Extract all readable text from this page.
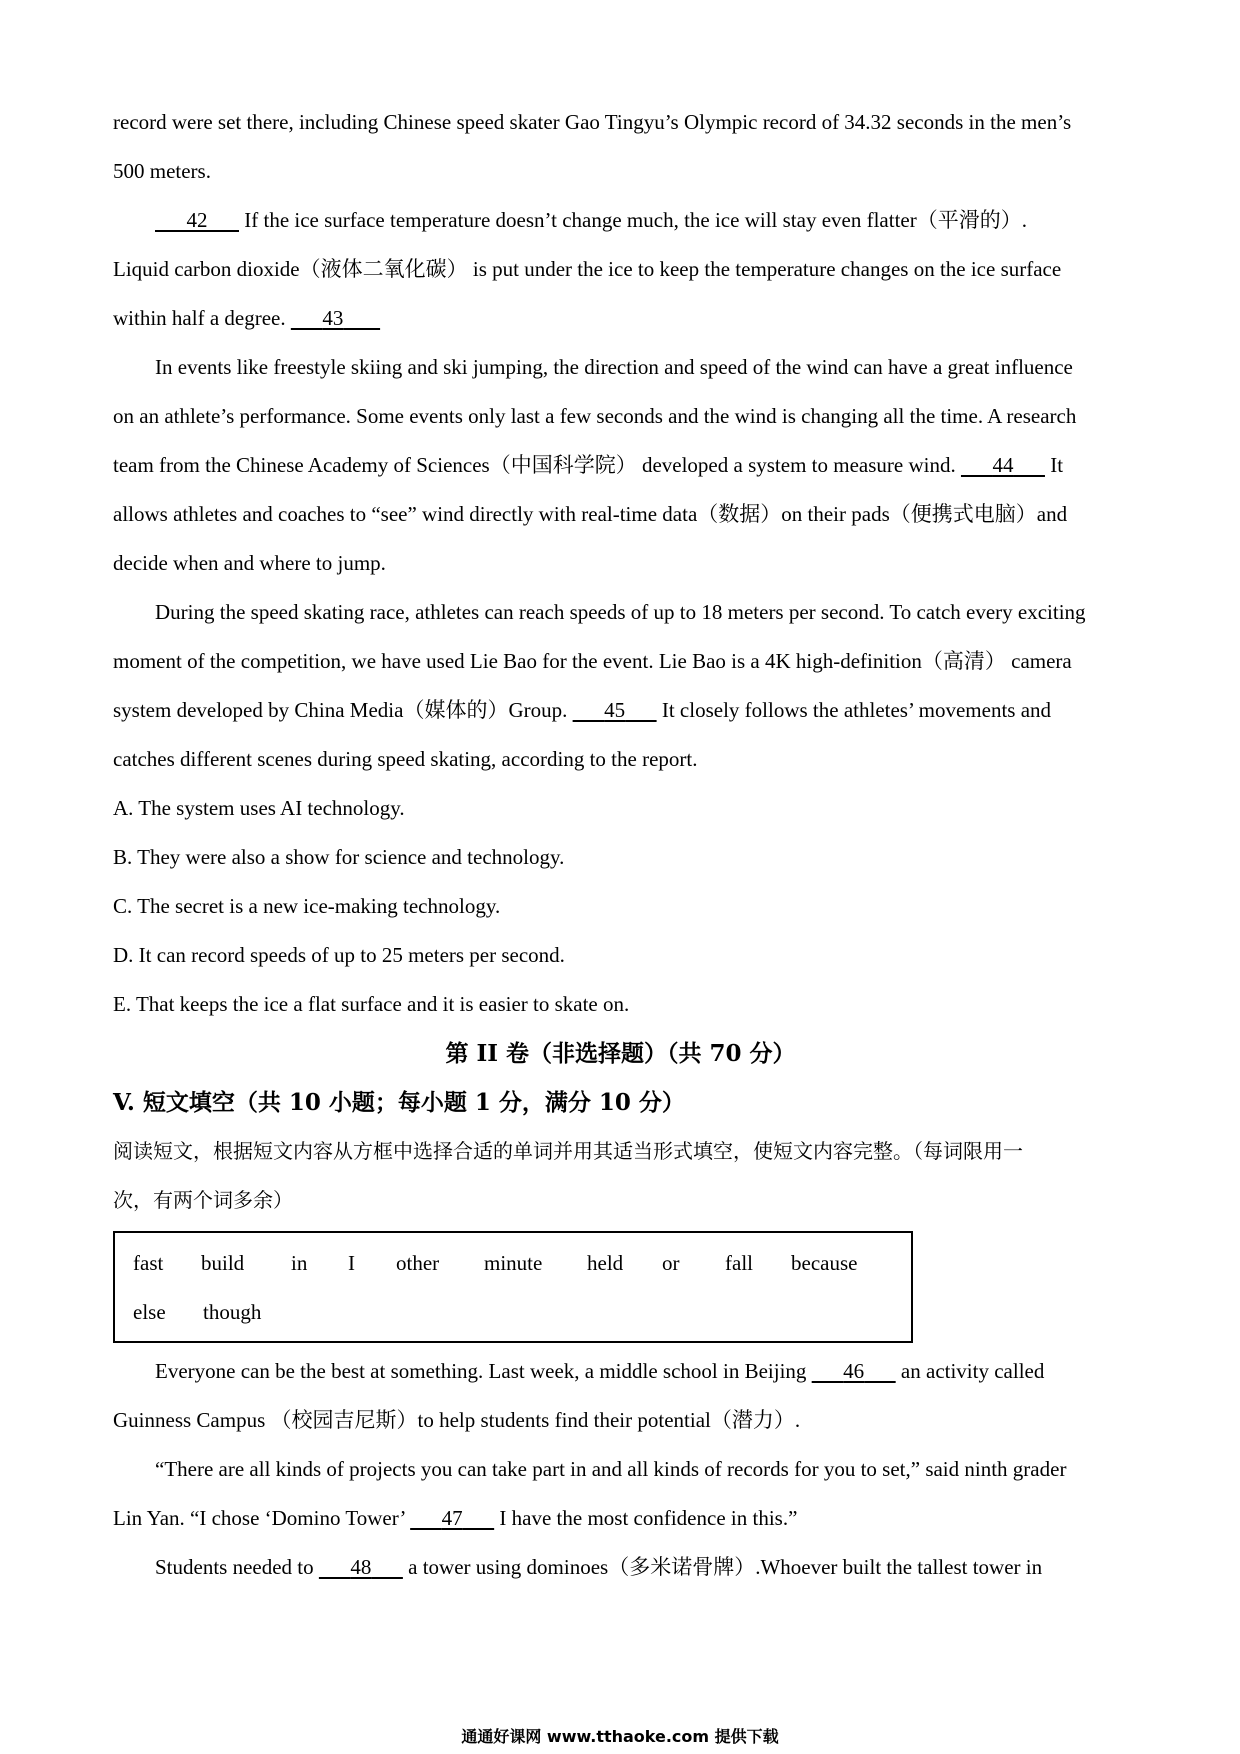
record were set there, including Chinese speed skater Gao Tingyu’s Olympic record of 34.32 seconds in the men’s
500 meters.
42       If the ice surface temperature doesn’t change much, the ice will stay even flatter（平滑的）.
Liquid carbon dioxide（液体二氧化碳） is put under the ice to keep the temperature changes on the ice surface
within half a degree.       43
In events like freestyle skiing and ski jumping, the direction and speed of the wind can have a great influence
on an athlete’s performance. Some events only last a few seconds and the wind is changing all the time. A research
team from the Chinese Academy of Sciences（中国科学院） developed a system to measure wind.       44       It
allows athletes and coaches to “see” wind directly with real-time data（数据）on their pads（便携式电脑）and
decide when and where to jump.
During the speed skating race, athletes can reach speeds of up to 18 meters per second. To catch every exciting
moment of the competition, we have used Lie Bao for the event. Lie Bao is a 4K high-definition（高清） camera
system developed by China Media（媒体的）Group.       45       It closely follows the athletes’ movements and
catches different scenes during speed skating, according to the report.
A. The system uses AI technology.
B. They were also a show for science and technology.
C. The secret is a new ice-making technology.
D. It can record speeds of up to 25 meters per second.
E. That keeps the ice a flat surface and it is easier to skate on.
第 II 卷（非选择题）（共 70 分）
V. 短文填空（共 10 小题；每小题 1 分，满分 10 分）
阅读短文，根据短文内容从方框中选择合适的单词并用其适当形式填空，使短文内容完整。（每词限用一
次，有两个词多余）
fast build in I other minute held or fall because
else though
Everyone can be the best at something. Last week, a middle school in Beijing       46       an activity called
Guinness Campus （校园吉尼斯）to help students find their potential（潜力）.
“There are all kinds of projects you can take part in and all kinds of records for you to set,” said ninth grader
Lin Yan. “I chose ‘Domino Tower’       47       I have the most confidence in this.”
Students needed to       48       a tower using dominoes（多米诺骨牌）.Whoever built the tallest tower in
通通好课网 www.tthaoke.com 提供下载
